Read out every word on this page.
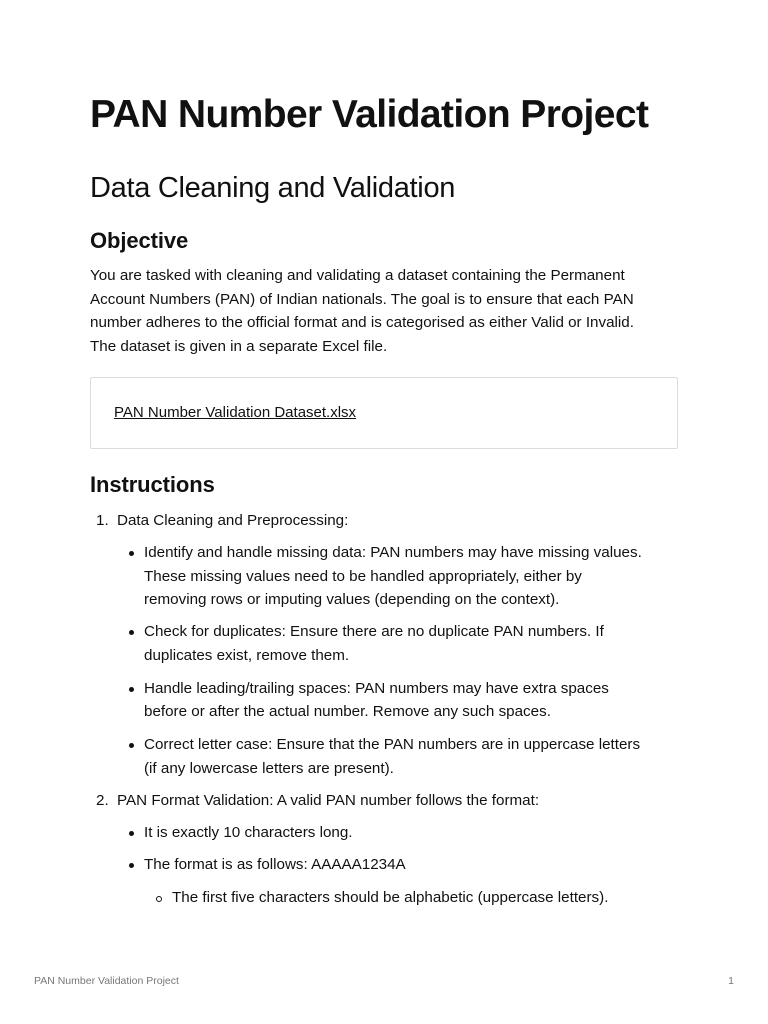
PAN Number Validation Project
Data Cleaning and Validation
Objective

You are tasked with cleaning and validating a dataset containing the Permanent
Account Numbers (PAN) of Indian nationals. The goal is to ensure that each PAN
number adheres to the official format and is categorised as either Valid or Invalid.
The dataset is given in a separate Excel file.

PAN Number Validation Dataset.xlsx
Instructions
1. Data Cleaning and Preprocessing:
Identify and handle missing data: PAN numbers may have missing values.
These missing values need to be handled appropriately, either by
removing rows or imputing values (depending on the context).
Check for duplicates: Ensure there are no duplicate PAN numbers. If
duplicates exist, remove them.
Handle leading/trailing spaces: PAN numbers may have extra spaces
before or after the actual number. Remove any such spaces.
Correct letter case: Ensure that the PAN numbers are in uppercase letters
(if any lowercase letters are present).
2. PAN Format Validation: A valid PAN number follows the format:
It is exactly 10 characters long.
The format is as follows: AAAAA1234A
The first five characters should be alphabetic (uppercase letters).
PAN Number Validation Project	1
